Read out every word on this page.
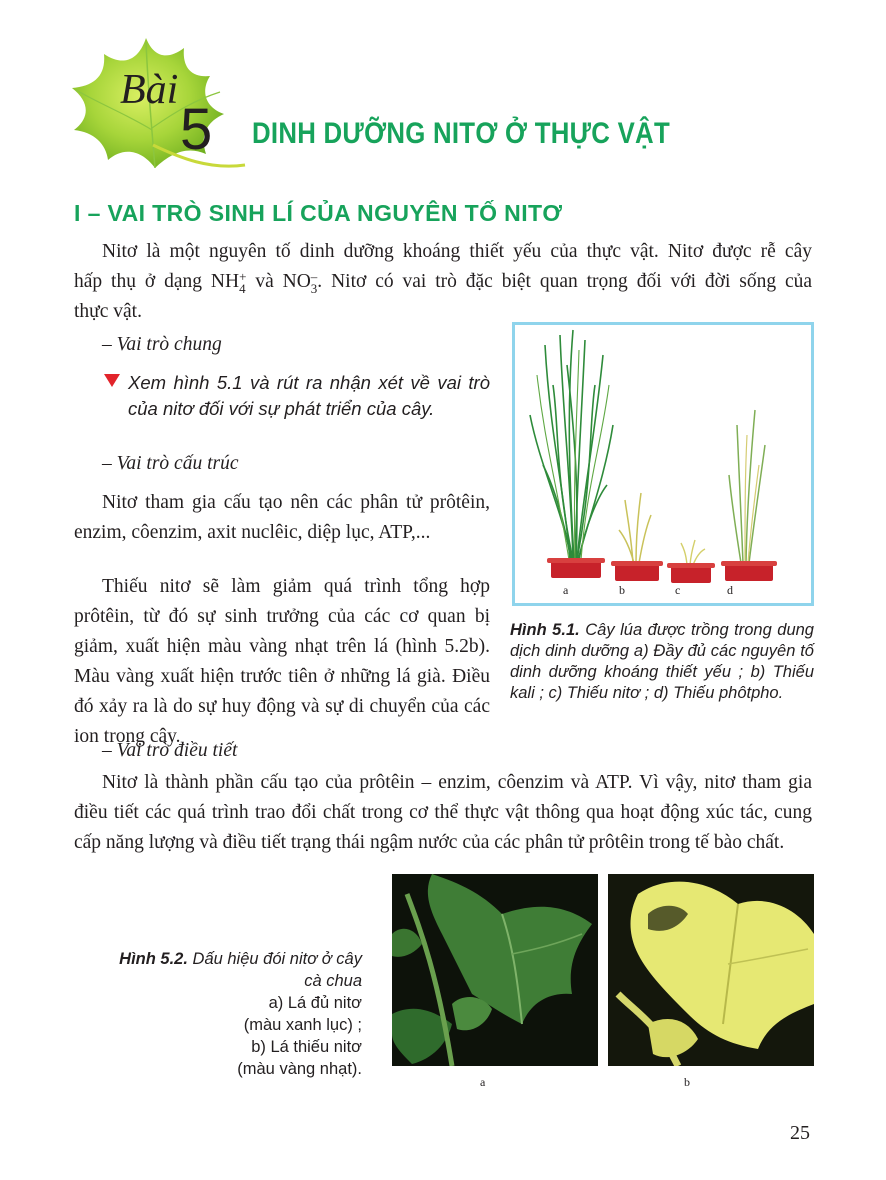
Bài
5 DINH DƯỠNG NITƠ Ở THỰC VẬT
I – VAI TRÒ SINH LÍ CỦA NGUYÊN TỐ NITƠ
Nitơ là một nguyên tố dinh dưỡng khoáng thiết yếu của thực vật. Nitơ được rễ cây
hấp thụ ở dạng NH +
4 và NO –
3 . Nitơ có vai trò đặc biệt quan trọng đối với đời sống của
thực vật.
– Vai trò chung
Xem hình 5.1 và rút ra nhận xét về vai trò của nitơ đối với sự phát triển của cây.
– Vai trò cấu trúc
Nitơ tham gia cấu tạo nên các phân tử prôtêin, enzim, côenzim, axit nuclêic, diệp lục, ATP,...
Thiếu nitơ sẽ làm giảm quá trình tổng hợp prôtêin, từ đó sự sinh trưởng của các cơ quan bị giảm, xuất hiện màu vàng nhạt trên lá (hình 5.2b). Màu vàng xuất hiện trước tiên ở những lá già. Điều đó xảy ra là do sự huy động và sự di chuyển của các ion trong cây.
a	b	c	d
Hình 5.1. Cây lúa được trồng trong dung dịch dinh dưỡng a) Đầy đủ các nguyên tố dinh dưỡng khoáng thiết yếu ; b) Thiếu kali ; c) Thiếu nitơ ; d) Thiếu phôtpho.
– Vai trò điều tiết
Nitơ là thành phần cấu tạo của prôtêin – enzim, côenzim và ATP. Vì vậy, nitơ tham gia điều tiết các quá trình trao đổi chất trong cơ thể thực vật thông qua hoạt động xúc tác, cung cấp năng lượng và điều tiết trạng thái ngậm nước của các phân tử prôtêin trong tế bào chất.
Hình 5.2. Dấu hiệu đói nitơ ở cây
cà chua
a) Lá đủ nitơ
(màu xanh lục) ;
b) Lá thiếu nitơ
(màu vàng nhạt).
a	b
25
